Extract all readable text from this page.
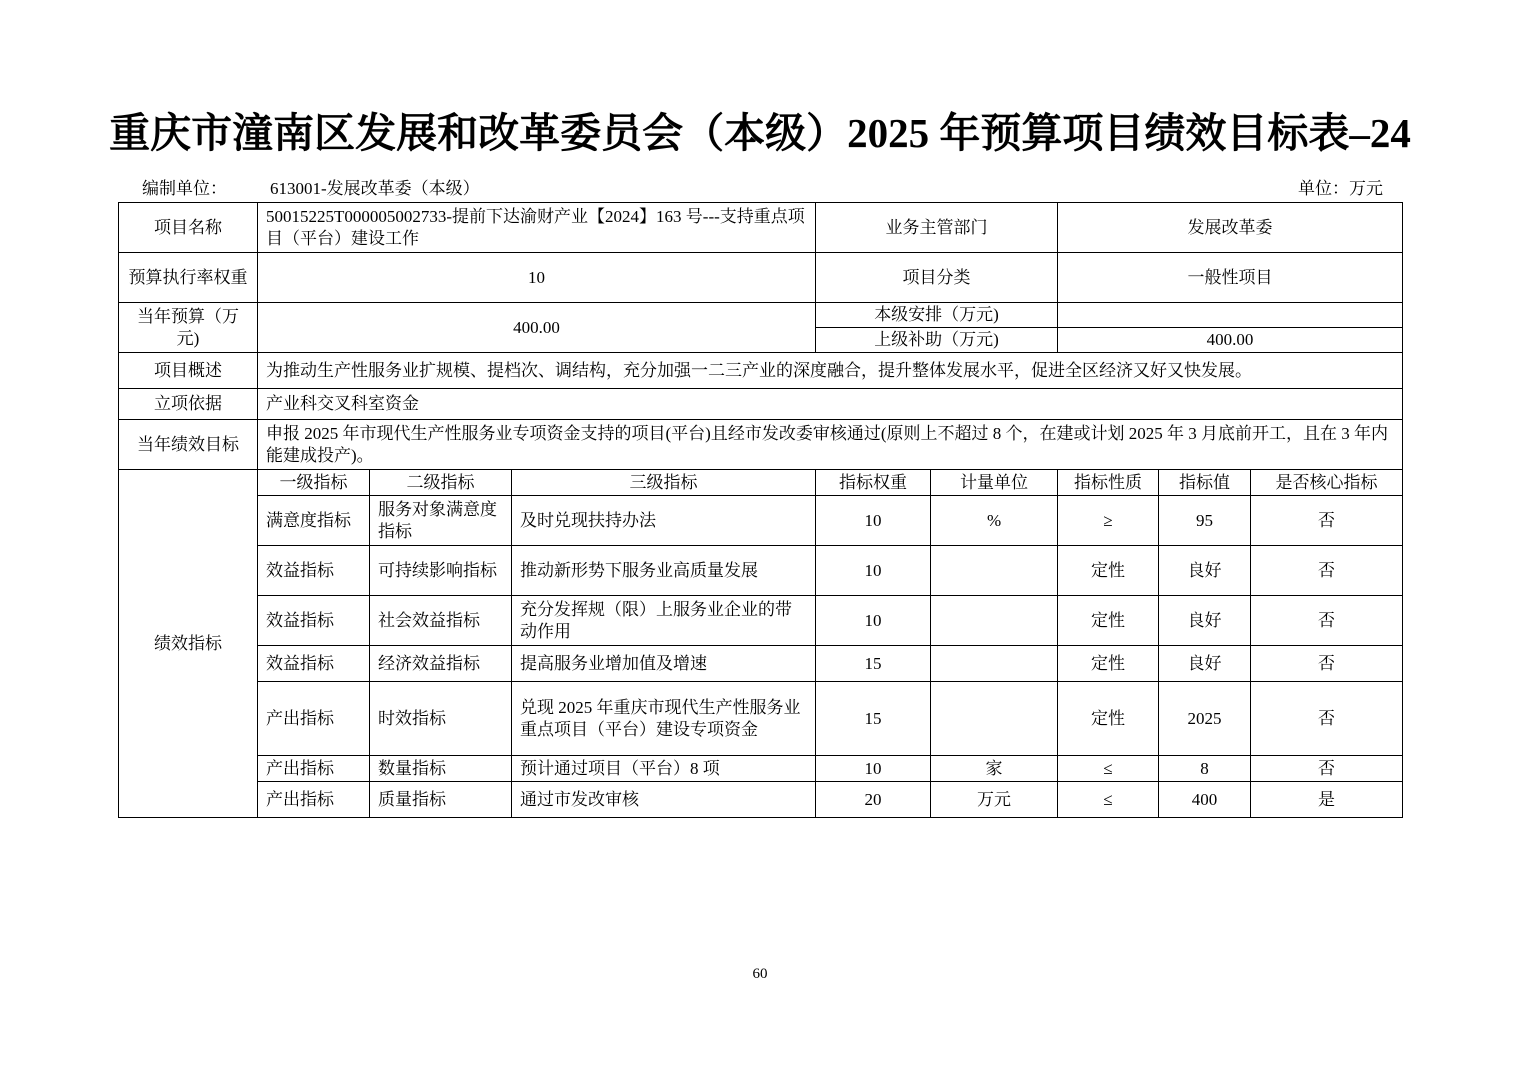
重庆市潼南区发展和改革委员会（本级）2025 年预算项目绩效目标表–24
编制单位：	613001-发展改革委（本级）	单位：万元
项目名称	50015225T000005002733-提前下达渝财产业【2024】163 号---支持重点项目（平台）建设工作			业务主管部门		发展改革委		
预算执行率权重	10			项目分类		一般性项目		
当年预算（万元)	400.00			本级安排（万元)				
				上级补助（万元)		400.00		
项目概述	为推动生产性服务业扩规模、提档次、调结构，充分加强一二三产业的深度融合，提升整体发展水平，促进全区经济又好又快发展。							
立项依据	产业科交叉科室资金							
当年绩效目标	申报 2025 年市现代生产性服务业专项资金支持的项目(平台)且经市发改委审核通过(原则上不超过 8 个，在建或计划 2025 年 3 月底前开工，且在 3 年内能建成投产)。							
绩效指标	一级指标	二级指标	三级指标	指标权重	计量单位	指标性质	指标值	是否核心指标
	满意度指标	服务对象满意度指标	及时兑现扶持办法	10	%	≥	95	否
	效益指标	可持续影响指标	推动新形势下服务业高质量发展	10		定性	良好	否
	效益指标	社会效益指标	充分发挥规（限）上服务业企业的带动作用	10		定性	良好	否
	效益指标	经济效益指标	提高服务业增加值及增速	15		定性	良好	否
	产出指标	时效指标	兑现 2025 年重庆市现代生产性服务业重点项目（平台）建设专项资金	15		定性	2025	否
	产出指标	数量指标	预计通过项目（平台）8 项	10	家	≤	8	否
	产出指标	质量指标	通过市发改审核	20	万元	≤	400	是
60
